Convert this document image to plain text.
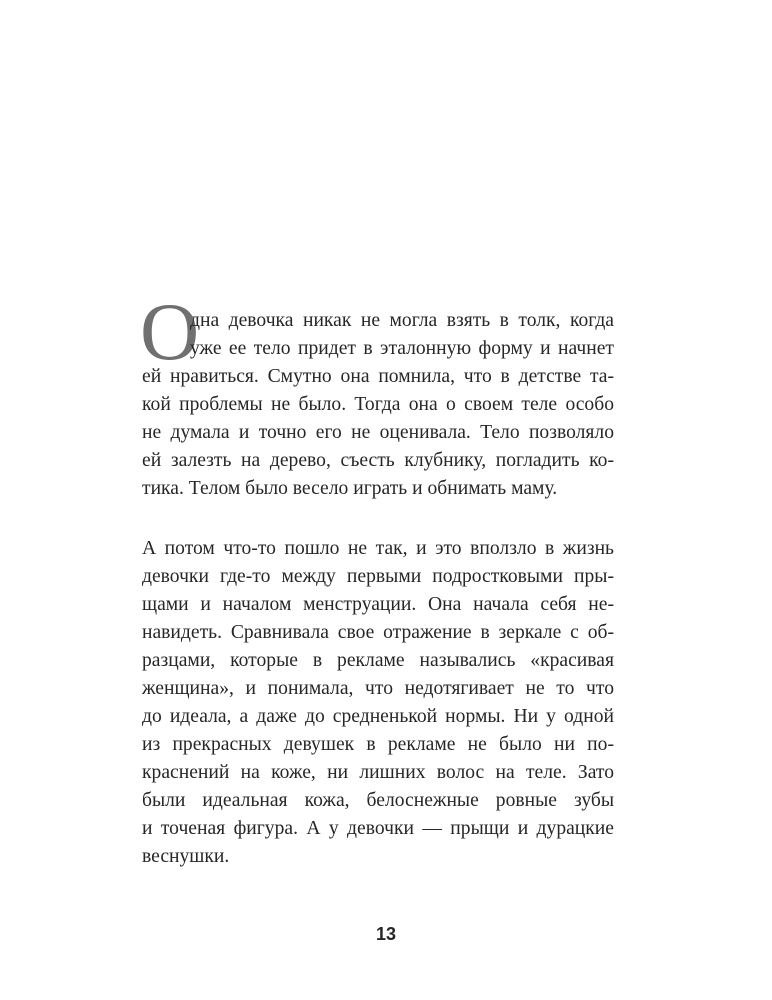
О
дна девочка никак не могла взять в толк, когда
уже ее тело придет в эталонную форму и начнет
ей нравиться. Смутно она помнила, что в детстве та-
кой проблемы не было. Тогда она о своем теле особо
не думала и точно его не оценивала. Тело позволяло
ей залезть на дерево, съесть клубнику, погладить ко-
тика. Телом было весело играть и обнимать маму.
А потом что-то пошло не так, и это вползло в жизнь
девочки где-то между первыми подростковыми пры-
щами и началом менструации. Она начала себя не-
навидеть. Сравнивала свое отражение в зеркале с об-
разцами, которые в рекламе назывались «красивая
женщина», и понимала, что недотягивает не то что
до идеала, а даже до средненькой нормы. Ни у одной
из прекрасных девушек в рекламе не было ни по-
краснений на коже, ни лишних волос на теле. Зато
были идеальная кожа, белоснежные ровные зубы
и точеная фигура. А у девочки — прыщи и дурацкие
веснушки.
13
